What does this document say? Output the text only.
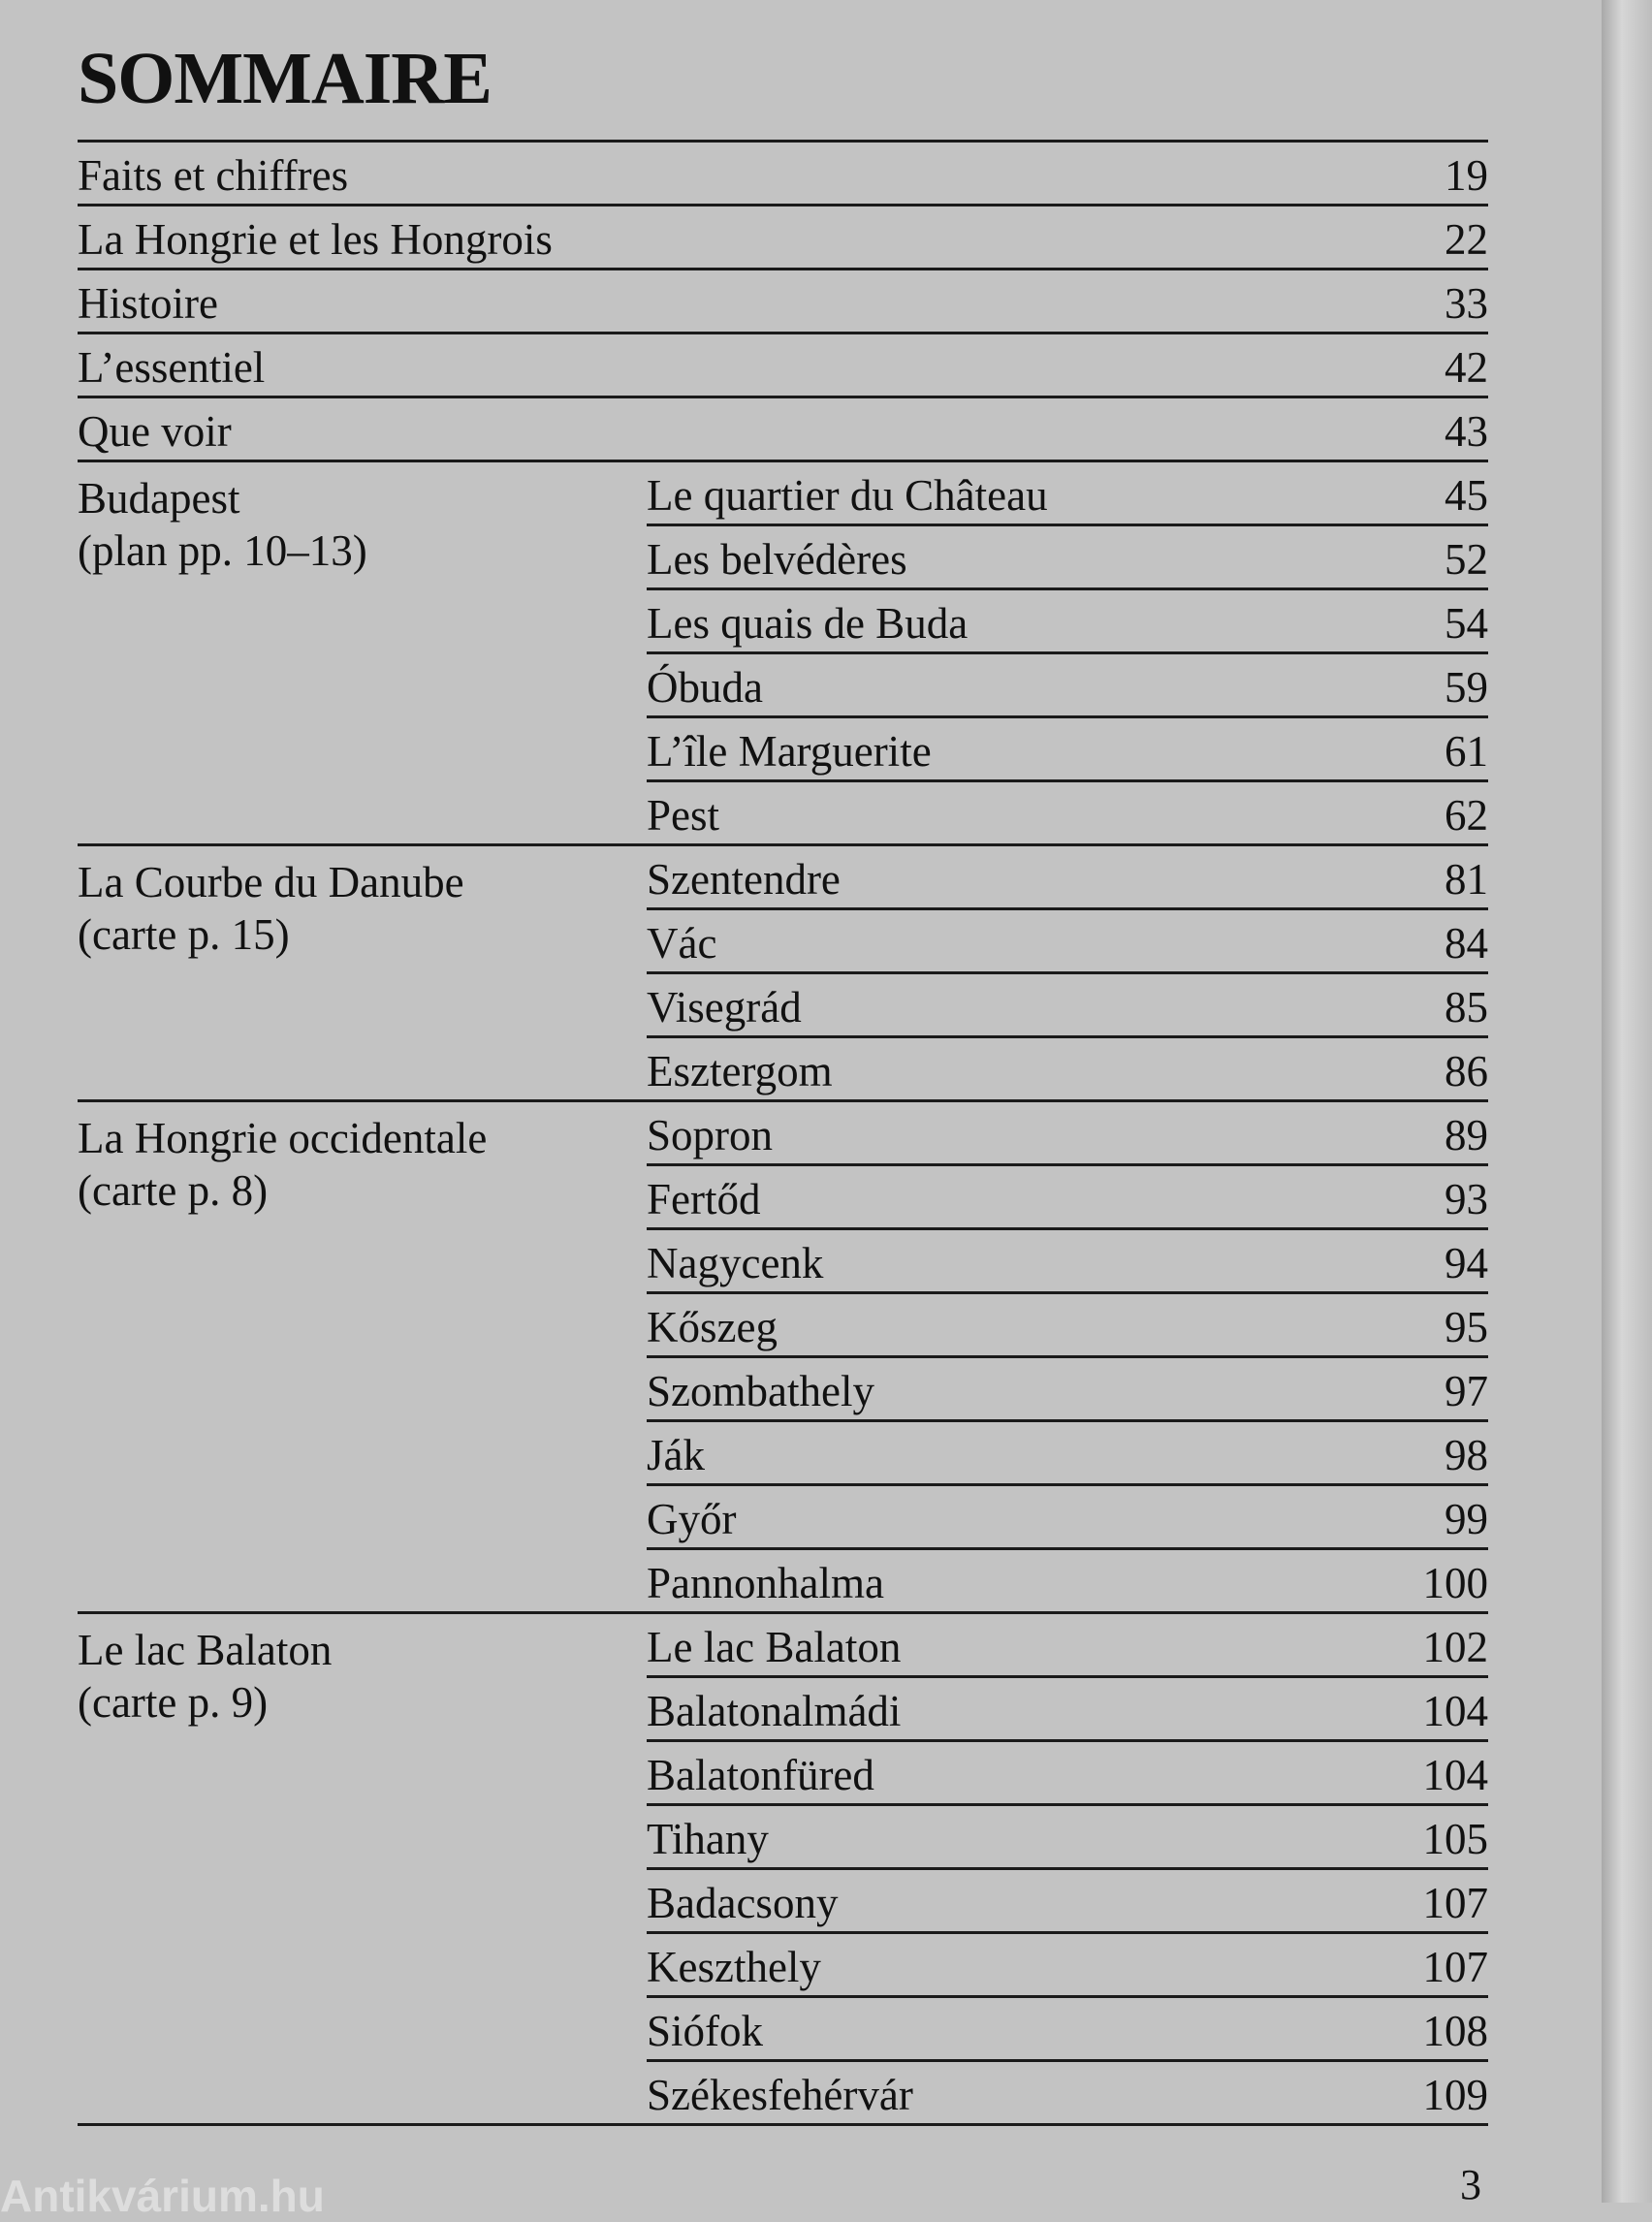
SOMMAIRE
Faits et chiffres	19
La Hongrie et les Hongrois	22
Histoire	33
L’essentiel	42
Que voir	43
Budapest
(plan pp. 10–13)
Le quartier du Château	45
Les belvédères	52
Les quais de Buda	54
Óbuda	59
L’île Marguerite	61
Pest	62
La Courbe du Danube
(carte p. 15)
Szentendre	81
Vác	84
Visegrád	85
Esztergom	86
La Hongrie occidentale
(carte p. 8)
Sopron	89
Fertőd	93
Nagycenk	94
Kőszeg	95
Szombathely	97
Ják	98
Győr	99
Pannonhalma	100
Le lac Balaton
(carte p. 9)
Le lac Balaton	102
Balatonalmádi	104
Balatonfüred	104
Tihany	105
Badacsony	107
Keszthely	107
Siófok	108
Székesfehérvár	109
3
Antikvárium.hu
